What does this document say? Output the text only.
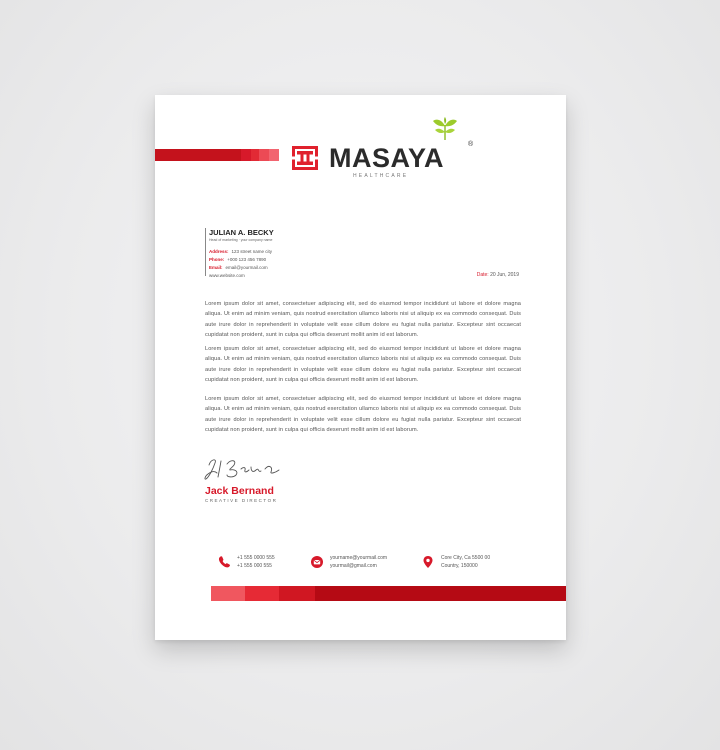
MASAYA	®
HEALTHCARE
JULIAN A. BECKY
Head of marketing · your company name
Address: 123 street name city
Phone: +000 123 456 7890
Email: email@yourmail.com
www.website.com	Date: 20 Jun, 2019

Lorem ipsum dolor sit amet, consectetuer adipiscing elit, sed do eiusmod tempor incididunt ut labore et dolore magna aliqua. Ut enim ad minim veniam, quis nostrud exercitation ullamco laboris nisi ut aliquip ex ea commodo consequat. Duis aute irure dolor in reprehenderit in voluptate velit esse cillum dolore eu fugiat nulla pariatur. Excepteur sint occaecat cupidatat non proident, sunt in culpa qui officia deserunt mollit anim id est laborum.

Lorem ipsum dolor sit amet, consectetuer adipiscing elit, sed do eiusmod tempor incididunt ut labore et dolore magna aliqua. Ut enim ad minim veniam, quis nostrud exercitation ullamco laboris nisi ut aliquip ex ea commodo consequat. Duis aute irure dolor in reprehenderit in voluptate velit esse cillum dolore eu fugiat nulla pariatur. Excepteur sint occaecat cupidatat non proident, sunt in culpa qui officia deserunt mollit anim id est laborum.

Lorem ipsum dolor sit amet, consectetuer adipiscing elit, sed do eiusmod tempor incididunt ut labore et dolore magna aliqua. Ut enim ad minim veniam, quis nostrud exercitation ullamco laboris nisi ut aliquip ex ea commodo consequat. Duis aute irure dolor in reprehenderit in voluptate velit esse cillum dolore eu fugiat nulla pariatur. Excepteur sint occaecat cupidatat non proident, sunt in culpa qui officia deserunt mollit anim id est laborum.

Jack Bernand
CREATIVE DIRECTOR
+1 555 0000 555
+1 555 000 555
yourname@yourmail.com
yourmail@gmail.com
Core City, Ca 5500 00
Country, 150000
